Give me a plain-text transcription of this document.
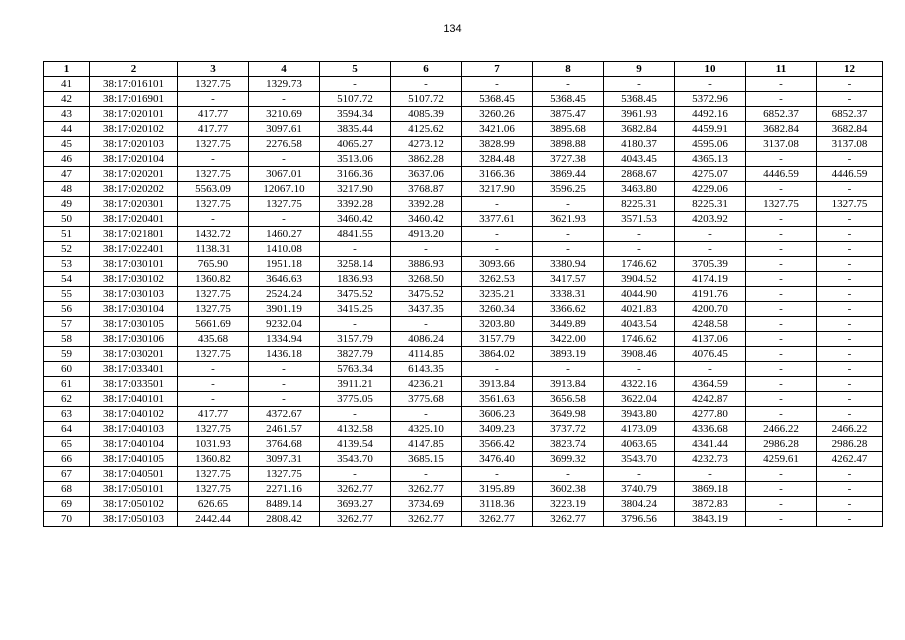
134
1	2	3	4	5	6	7	8	9	10	11	12
41	38:17:016101	1327.75	1329.73	-	-	-	-	-	-	-	-
42	38:17:016901	-	-	5107.72	5107.72	5368.45	5368.45	5368.45	5372.96	-	-
43	38:17:020101	417.77	3210.69	3594.34	4085.39	3260.26	3875.47	3961.93	4492.16	6852.37	6852.37
44	38:17:020102	417.77	3097.61	3835.44	4125.62	3421.06	3895.68	3682.84	4459.91	3682.84	3682.84
45	38:17:020103	1327.75	2276.58	4065.27	4273.12	3828.99	3898.88	4180.37	4595.06	3137.08	3137.08
46	38:17:020104	-	-	3513.06	3862.28	3284.48	3727.38	4043.45	4365.13	-	-
47	38:17:020201	1327.75	3067.01	3166.36	3637.06	3166.36	3869.44	2868.67	4275.07	4446.59	4446.59
48	38:17:020202	5563.09	12067.10	3217.90	3768.87	3217.90	3596.25	3463.80	4229.06	-	-
49	38:17:020301	1327.75	1327.75	3392.28	3392.28	-	-	8225.31	8225.31	1327.75	1327.75
50	38:17:020401	-	-	3460.42	3460.42	3377.61	3621.93	3571.53	4203.92	-	-
51	38:17:021801	1432.72	1460.27	4841.55	4913.20	-	-	-	-	-	-
52	38:17:022401	1138.31	1410.08	-	-	-	-	-	-	-	-
53	38:17:030101	765.90	1951.18	3258.14	3886.93	3093.66	3380.94	1746.62	3705.39	-	-
54	38:17:030102	1360.82	3646.63	1836.93	3268.50	3262.53	3417.57	3904.52	4174.19	-	-
55	38:17:030103	1327.75	2524.24	3475.52	3475.52	3235.21	3338.31	4044.90	4191.76	-	-
56	38:17:030104	1327.75	3901.19	3415.25	3437.35	3260.34	3366.62	4021.83	4200.70	-	-
57	38:17:030105	5661.69	9232.04	-	-	3203.80	3449.89	4043.54	4248.58	-	-
58	38:17:030106	435.68	1334.94	3157.79	4086.24	3157.79	3422.00	1746.62	4137.06	-	-
59	38:17:030201	1327.75	1436.18	3827.79	4114.85	3864.02	3893.19	3908.46	4076.45	-	-
60	38:17:033401	-	-	5763.34	6143.35	-	-	-	-	-	-
61	38:17:033501	-	-	3911.21	4236.21	3913.84	3913.84	4322.16	4364.59	-	-
62	38:17:040101	-	-	3775.05	3775.68	3561.63	3656.58	3622.04	4242.87	-	-
63	38:17:040102	417.77	4372.67	-	-	3606.23	3649.98	3943.80	4277.80	-	-
64	38:17:040103	1327.75	2461.57	4132.58	4325.10	3409.23	3737.72	4173.09	4336.68	2466.22	2466.22
65	38:17:040104	1031.93	3764.68	4139.54	4147.85	3566.42	3823.74	4063.65	4341.44	2986.28	2986.28
66	38:17:040105	1360.82	3097.31	3543.70	3685.15	3476.40	3699.32	3543.70	4232.73	4259.61	4262.47
67	38:17:040501	1327.75	1327.75	-	-	-	-	-	-	-	-
68	38:17:050101	1327.75	2271.16	3262.77	3262.77	3195.89	3602.38	3740.79	3869.18	-	-
69	38:17:050102	626.65	8489.14	3693.27	3734.69	3118.36	3223.19	3804.24	3872.83	-	-
70	38:17:050103	2442.44	2808.42	3262.77	3262.77	3262.77	3262.77	3796.56	3843.19	-	-
